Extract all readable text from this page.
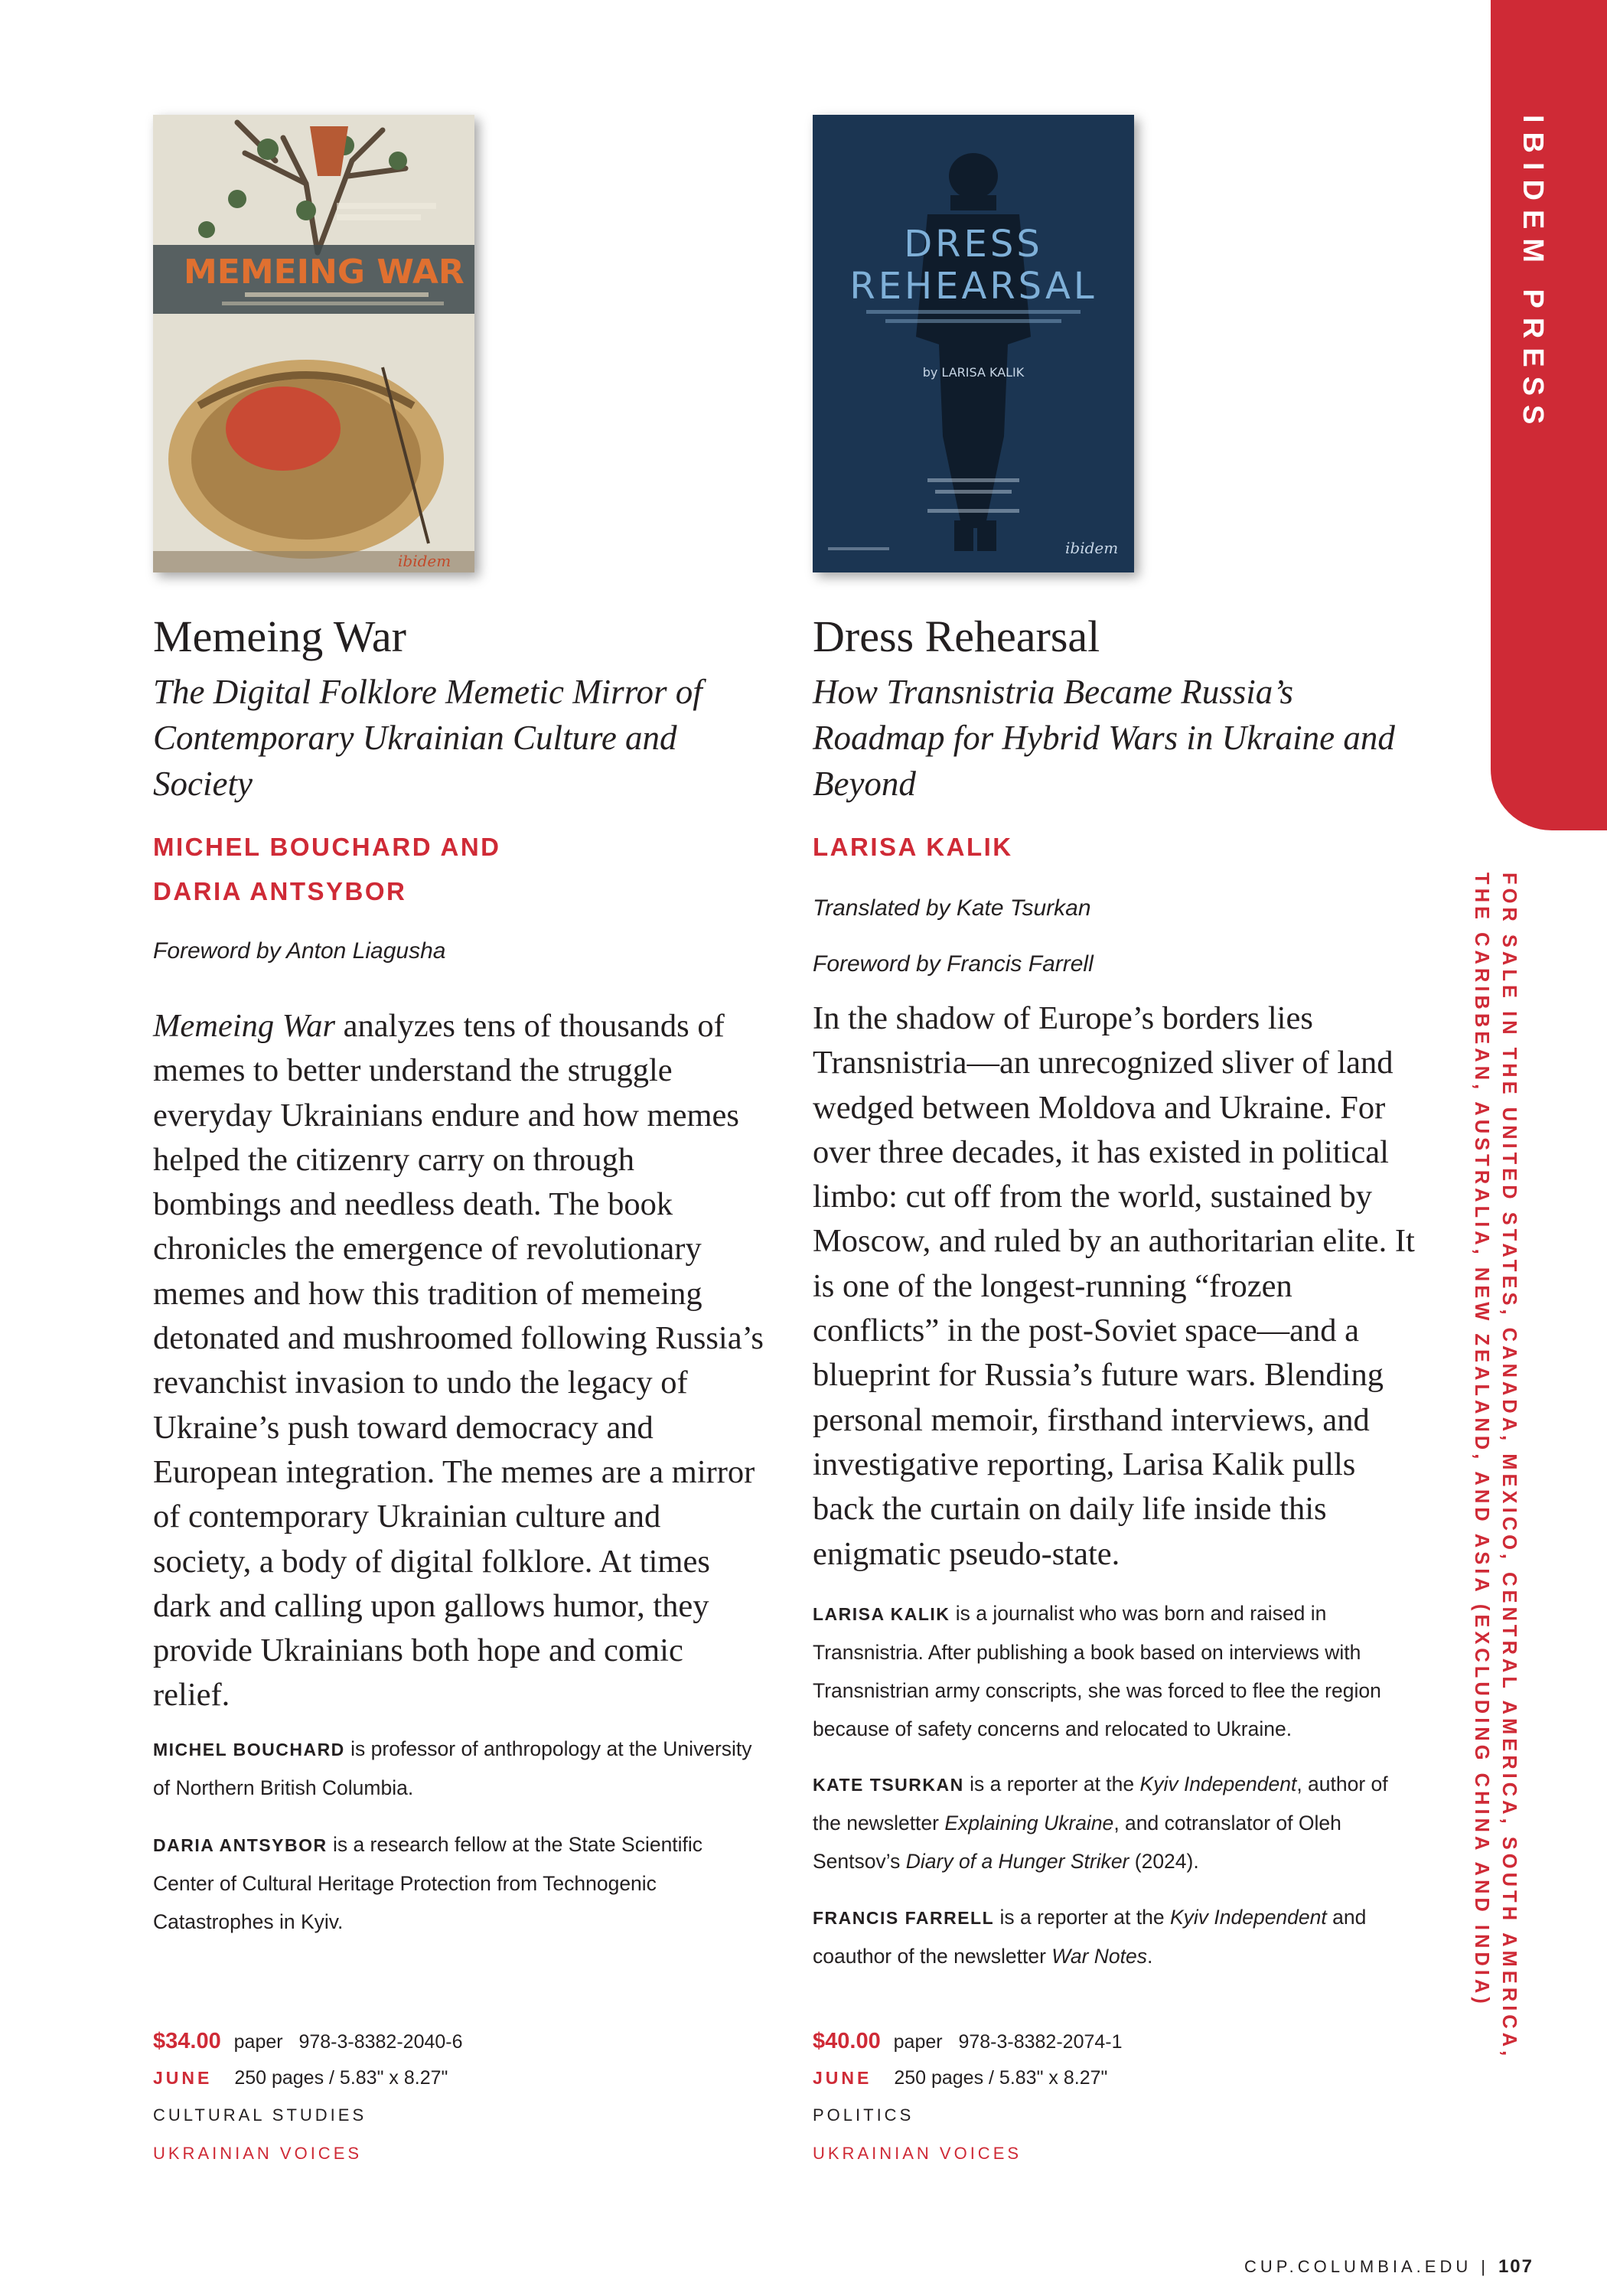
IBIDEM PRESS
FOR SALE IN THE UNITED STATES, CANADA, MEXICO, CENTRAL AMERICA, SOUTH AMERICA,
THE CARIBBEAN, AUSTRALIA, NEW ZEALAND, AND ASIA (EXCLUDING CHINA AND INDIA)
MEMEING WAR
ibidem
Memeing War
The Digital Folklore Memetic Mirror of Contemporary Ukrainian Culture and Society
MICHEL BOUCHARD AND
DARIA ANTSYBOR
Foreword by Anton Liagusha
Memeing War analyzes tens of thousands of memes to better understand the struggle everyday Ukrainians endure and how memes helped the citizenry carry on through bombings and needless death. The book chronicles the emergence of revolutionary memes and how this tradition of memeing detonated and mushroomed following Russia’s revanchist invasion to undo the legacy of Ukraine’s push toward democracy and European integration. The memes are a mirror of contemporary Ukrainian culture and society, a body of digital folklore. At times dark and calling upon gallows humor, they provide Ukrainians both hope and comic relief.
MICHEL BOUCHARD is professor of anthropology at the University of Northern British Columbia.
DARIA ANTSYBOR is a research fellow at the State Scientific Center of Cultural Heritage Protection from Technogenic Catastrophes in Kyiv.
$34.00 paper 978-3-8382-2040-6
JUNE 250 pages / 5.83" x 8.27"
CULTURAL STUDIES
UKRAINIAN VOICES
DRESS
REHEARSAL
by LARISA KALIK
ibidem
Dress Rehearsal
How Transnistria Became Russia’s Roadmap for Hybrid Wars in Ukraine and Beyond
LARISA KALIK
Translated by Kate Tsurkan
Foreword by Francis Farrell
In the shadow of Europe’s borders lies Transnistria—an unrecognized sliver of land wedged between Moldova and Ukraine. For over three decades, it has existed in political limbo: cut off from the world, sustained by Moscow, and ruled by an authoritarian elite. It is one of the longest-running “frozen conflicts” in the post-Soviet space—and a blueprint for Russia’s future wars. Blending personal memoir, firsthand interviews, and investigative reporting, Larisa Kalik pulls back the curtain on daily life inside this enigmatic pseudo-state.
LARISA KALIK is a journalist who was born and raised in Transnistria. After publishing a book based on interviews with Transnistrian army conscripts, she was forced to flee the region because of safety concerns and relocated to Ukraine.
KATE TSURKAN is a reporter at the Kyiv Independent, author of the newsletter Explaining Ukraine, and cotranslator of Oleh Sentsov’s Diary of a Hunger Striker (2024).
FRANCIS FARRELL is a reporter at the Kyiv Independent and coauthor of the newsletter War Notes.
$40.00 paper 978-3-8382-2074-1
JUNE 250 pages / 5.83" x 8.27"
POLITICS
UKRAINIAN VOICES
CUP.COLUMBIA.EDU | 107
